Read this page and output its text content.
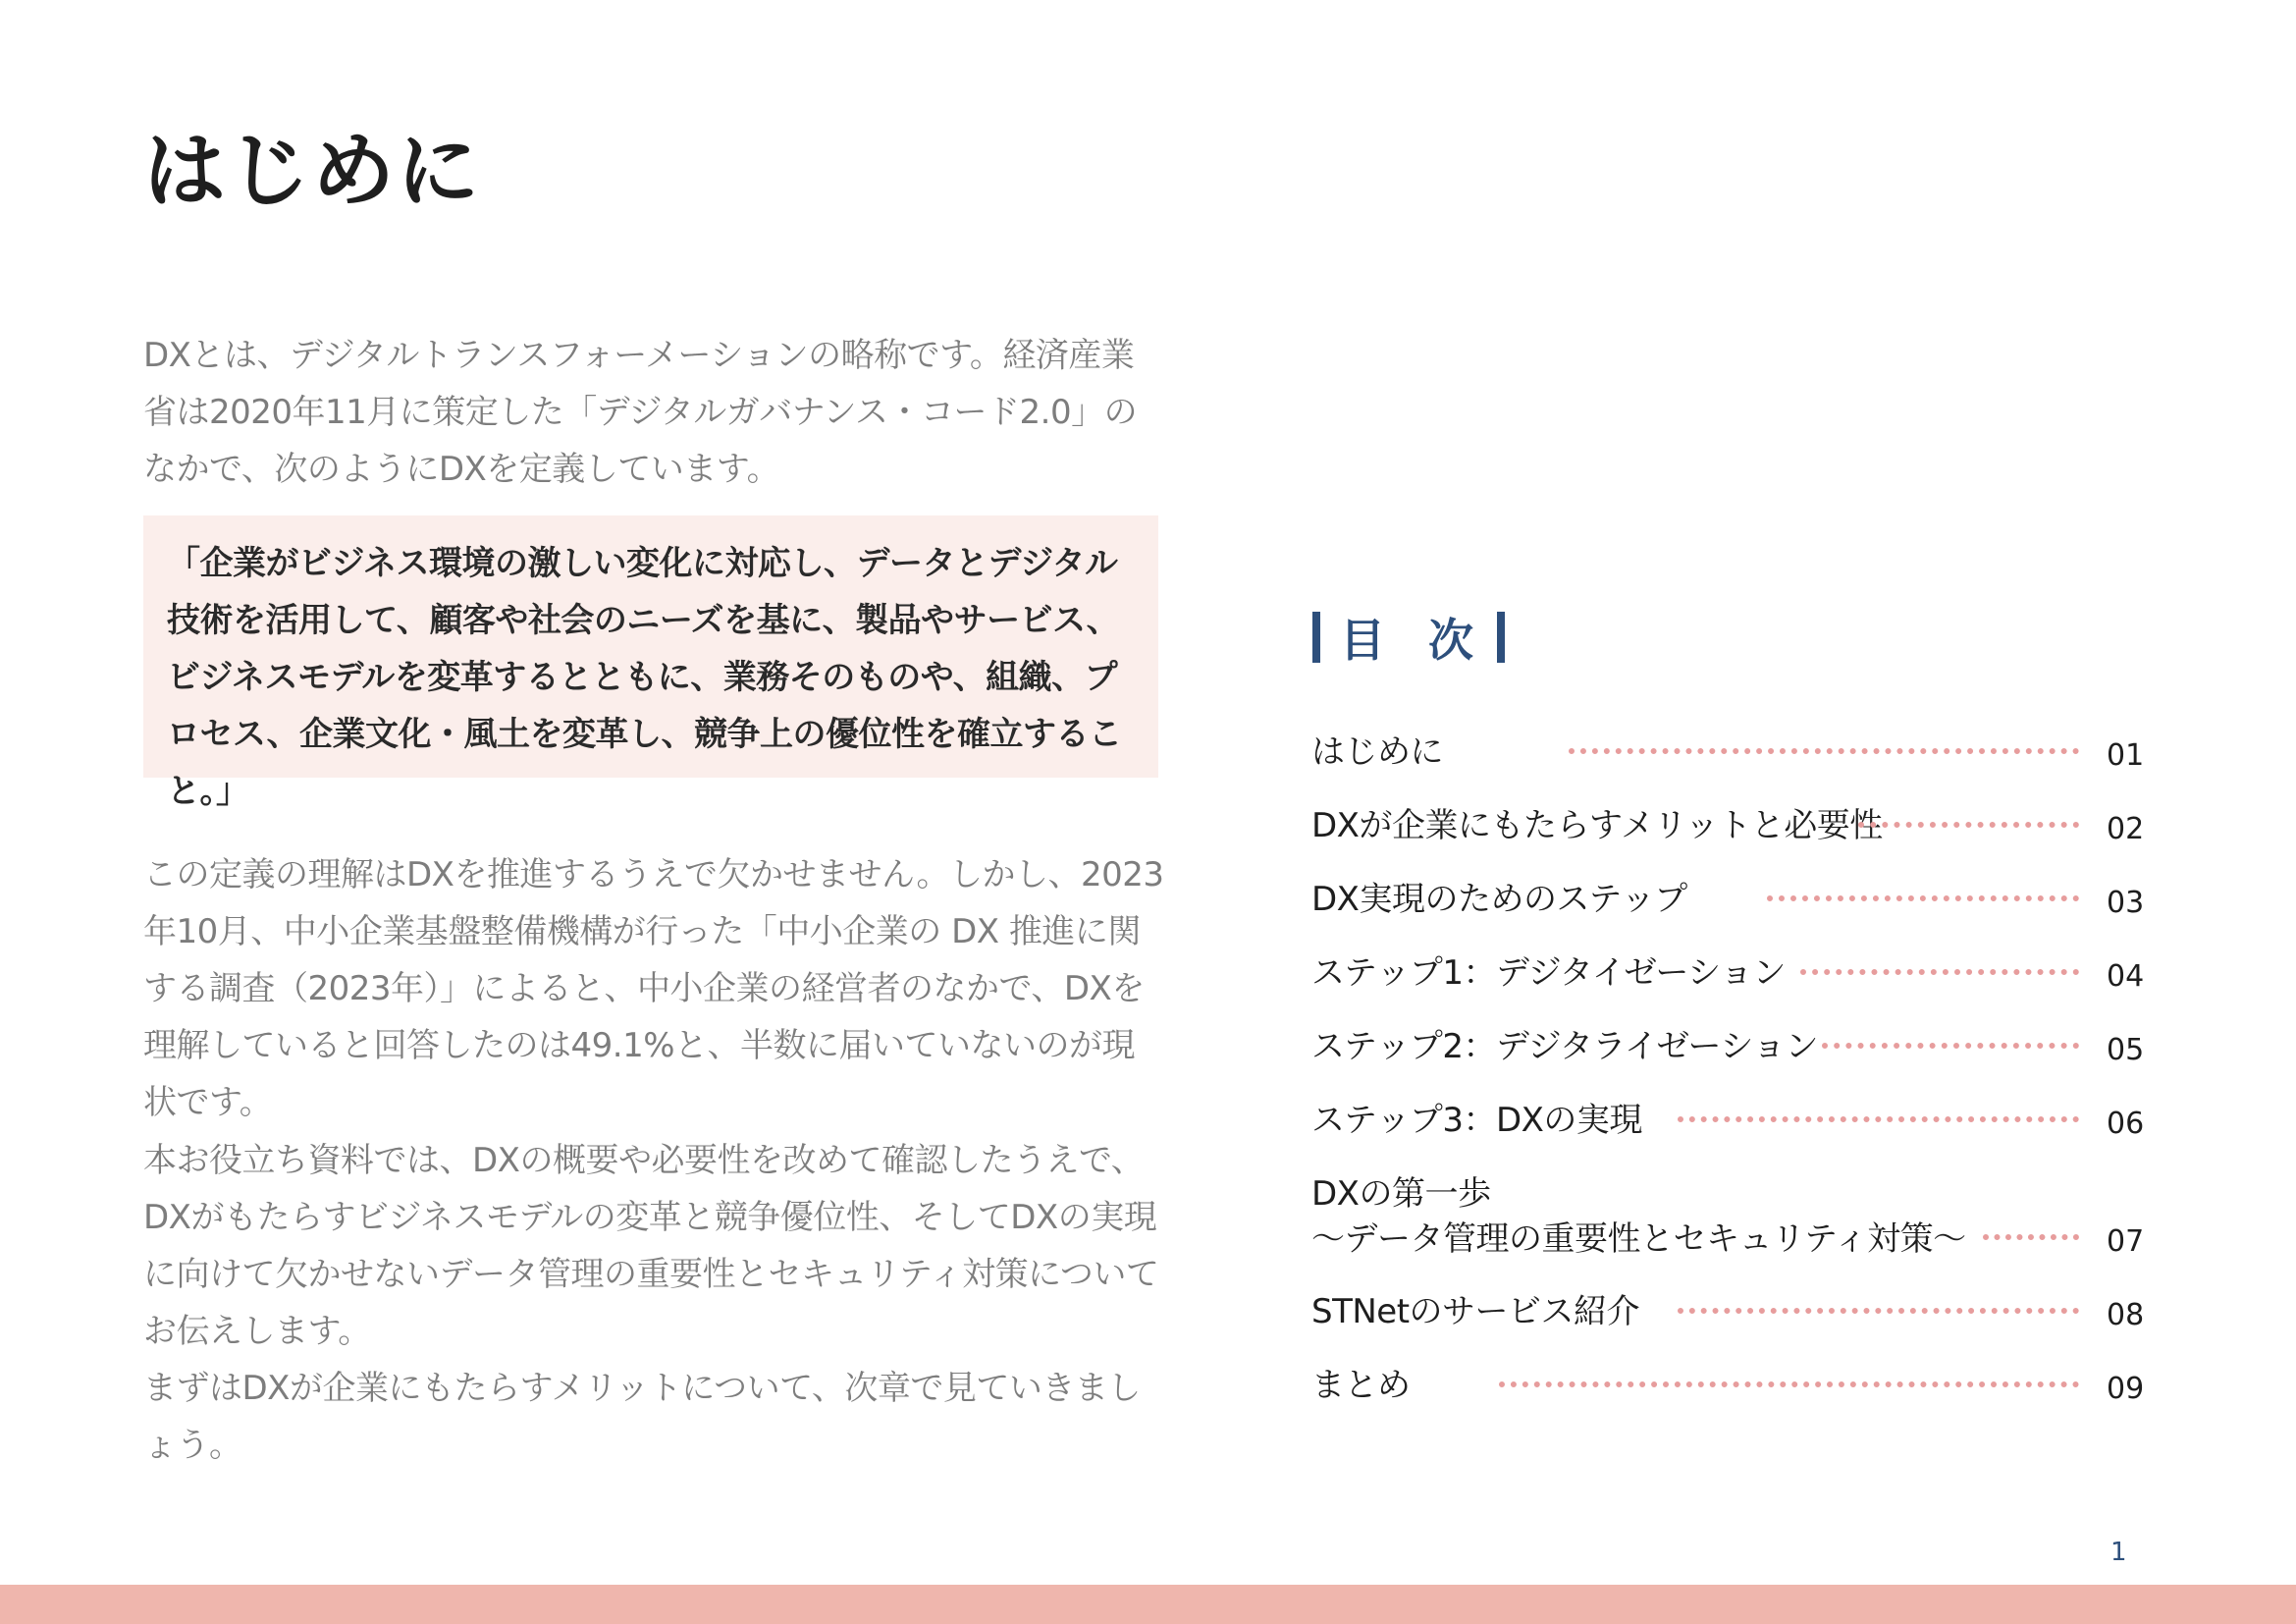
はじめに

DXとは、デジタルトランスフォーメーションの略称です。経済産業省は2020年11月に策定した「デジタルガバナンス・コード2.0」のなかで、次のようにDXを定義しています。

「企業がビジネス環境の激しい変化に対応し、データとデジタル技術を活用して、顧客や社会のニーズを基に、製品やサービス、ビジネスモデルを変革するとともに、業務そのものや、組織、プロセス、企業文化・風土を変革し、競争上の優位性を確立すること。」

この定義の理解はDXを推進するうえで欠かせません。しかし、2023年10月、中小企業基盤整備機構が行った「中小企業の DX 推進に関する調査（2023年）」によると、中小企業の経営者のなかで、DXを理解していると回答したのは49.1%と、半数に届いていないのが現状です。

本お役立ち資料では、DXの概要や必要性を改めて確認したうえで、DXがもたらすビジネスモデルの変革と競争優位性、そしてDXの実現に向けて欠かせないデータ管理の重要性とセキュリティ対策についてお伝えします。

まずはDXが企業にもたらすメリットについて、次章で見ていきましょう。

目 次
はじめに	01
DXが企業にもたらすメリットと必要性	02
DX実現のためのステップ	03
ステップ1：デジタイゼーション	04
ステップ2：デジタライゼーション	05
ステップ3：DXの実現	06
DXの第一歩
～データ管理の重要性とセキュリティ対策～	07
STNetのサービス紹介	08
まとめ	09
1
